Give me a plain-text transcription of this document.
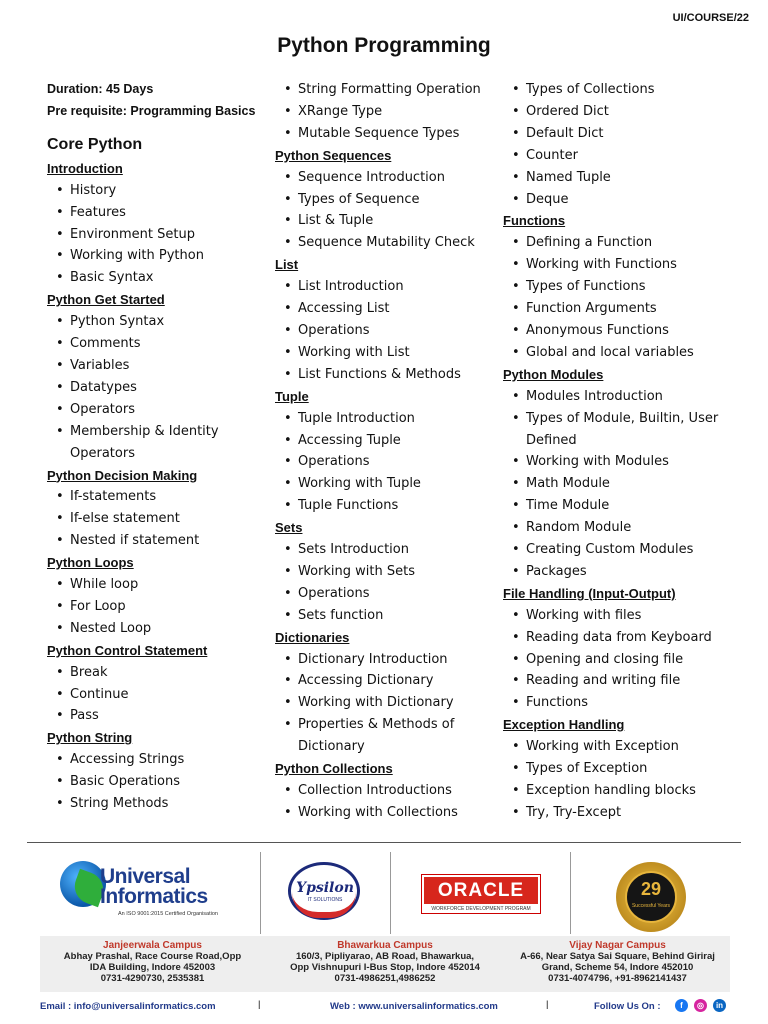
UI/COURSE/22
Python Programming
Duration: 45 Days
Pre requisite: Programming Basics
Core Python
Introduction
• History
• Features
• Environment Setup
• Working with Python
• Basic Syntax
Python Get Started
• Python Syntax
• Comments
• Variables
• Datatypes
• Operators
• Membership & Identity Operators
Python Decision Making
• If-statements
• If-else statement
• Nested if statement
Python Loops
• While loop
• For Loop
• Nested Loop
Python Control Statement
• Break
• Continue
• Pass
Python String
• Accessing Strings
• Basic Operations
• String Methods
• String Formatting Operation
• XRange Type
• Mutable Sequence Types
Python Sequences
• Sequence Introduction
• Types of Sequence
• List & Tuple
• Sequence Mutability Check
List
• List Introduction
• Accessing List
• Operations
• Working with List
• List Functions & Methods
Tuple
• Tuple Introduction
• Accessing Tuple
• Operations
• Working with Tuple
• Tuple Functions
Sets
• Sets Introduction
• Working with Sets
• Operations
• Sets function
Dictionaries
• Dictionary Introduction
• Accessing Dictionary
• Working with Dictionary
• Properties & Methods of Dictionary
Python Collections
• Collection Introductions
• Working with Collections
• Types of Collections
• Ordered Dict
• Default Dict
• Counter
• Named Tuple
• Deque
Functions
• Defining a Function
• Working with Functions
• Types of Functions
• Function Arguments
• Anonymous Functions
• Global and local variables
Python Modules
• Modules Introduction
• Types of Module, Builtin, User Defined
• Working with Modules
• Math Module
• Time Module
• Random Module
• Creating Custom Modules
• Packages
File Handling (Input-Output)
• Working with files
• Reading data from Keyboard
• Opening and closing file
• Reading and writing file
• Functions
Exception Handling
• Working with Exception
• Types of Exception
• Exception handling blocks
• Try, Try-Except
Universal
Informatics
An ISO 9001:2015 Certified Organisation
Ypsilon
IT SOLUTIONS	ORACLE
WORKFORCE DEVELOPMENT PROGRAM
29
Successful Years
Janjeerwala Campus
Abhay Prashal, Race Course Road,Opp
IDA Building, Indore 452003
0731-4290730, 2535381
Bhawarkua Campus
160/3, Pipliyarao, AB Road, Bhawarkua,
Opp Vishnupuri I-Bus Stop, Indore 452014
0731-4986251,4986252
Vijay Nagar Campus
A-66, Near Satya Sai Square, Behind Giriraj
Grand, Scheme 54, Indore 452010
0731-4074796, +91-8962141437
Email : info@universalinformatics.com	|	Web : www.universalinformatics.com	|	Follow Us On :	f	◎	in
